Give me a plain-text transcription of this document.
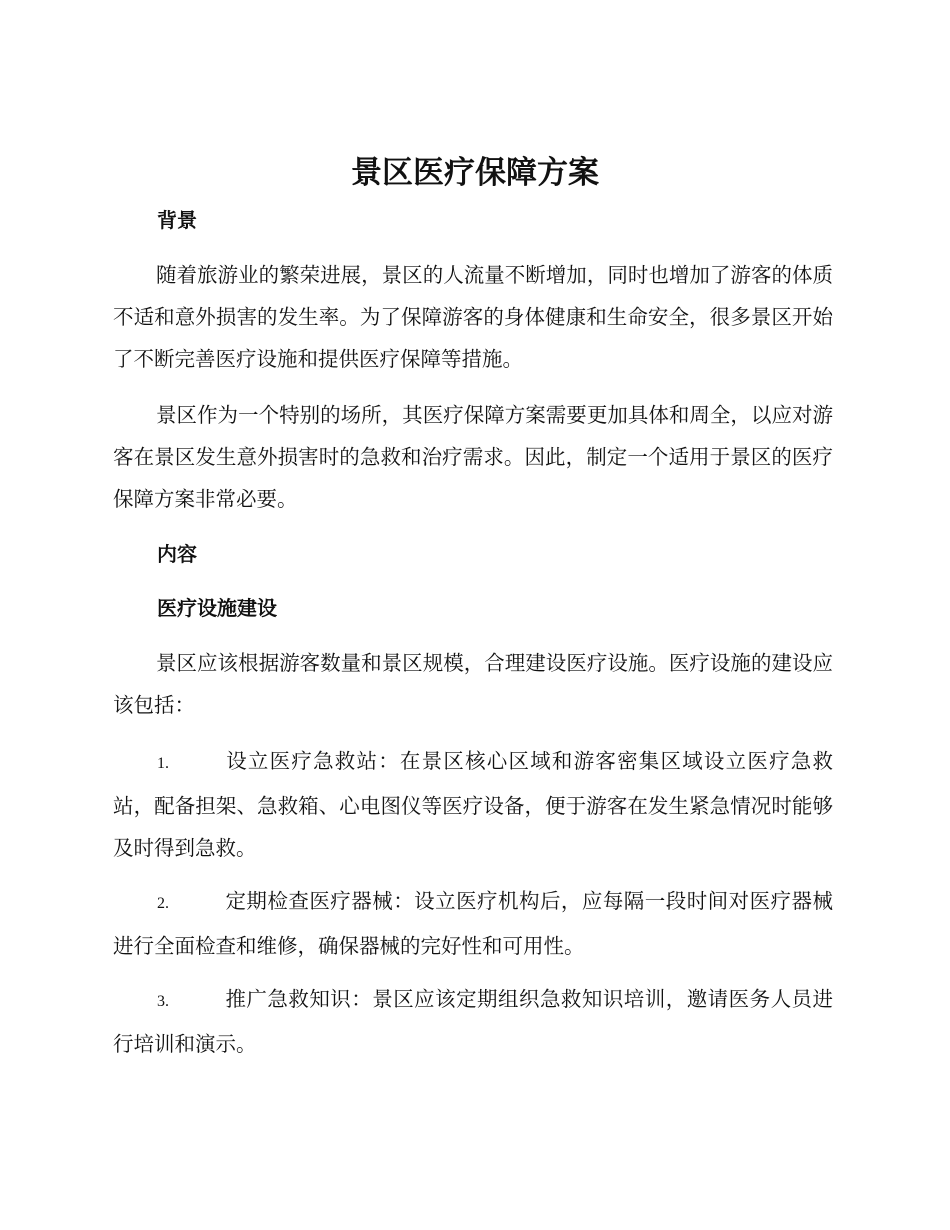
景区医疗保障方案
背景

随着旅游业的繁荣进展，景区的人流量不断增加，同时也增加了游客的体质不适和意外损害的发生率。为了保障游客的身体健康和生命安全，很多景区开始了不断完善医疗设施和提供医疗保障等措施。

景区作为一个特别的场所，其医疗保障方案需要更加具体和周全，以应对游客在景区发生意外损害时的急救和治疗需求。因此，制定一个适用于景区的医疗保障方案非常必要。

内容
医疗设施建设

景区应该根据游客数量和景区规模，合理建设医疗设施。医疗设施的建设应该包括：

1.	设立医疗急救站：在景区核心区域和游客密集区域设立医疗急救站，配备担架、急救箱、心电图仪等医疗设备，便于游客在发生紧急情况时能够及时得到急救。

2.	定期检查医疗器械：设立医疗机构后，应每隔一段时间对医疗器械进行全面检查和维修，确保器械的完好性和可用性。

3.	推广急救知识：景区应该定期组织急救知识培训，邀请医务人员进行培训和演示。
